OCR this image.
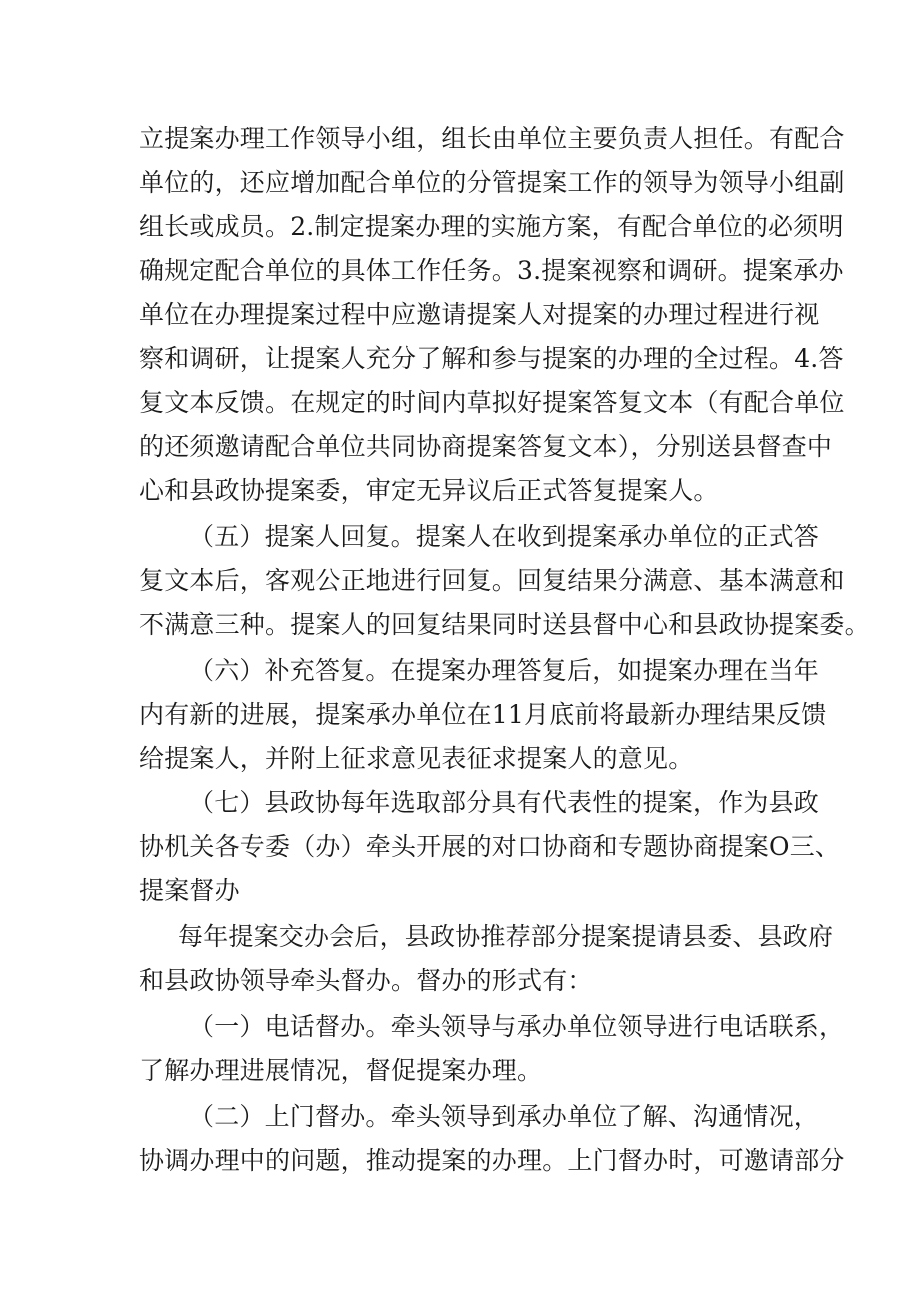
立提案办理工作领导小组，组长由单位主要负责人担任。有配合

单位的，还应增加配合单位的分管提案工作的领导为领导小组副

组长或成员。2.制定提案办理的实施方案，有配合单位的必须明

确规定配合单位的具体工作任务。3.提案视察和调研。提案承办

单位在办理提案过程中应邀请提案人对提案的办理过程进行视

察和调研，让提案人充分了解和参与提案的办理的全过程。4.答

复文本反馈。在规定的时间内草拟好提案答复文本（有配合单位

的还须邀请配合单位共同协商提案答复文本），分别送县督查中

心和县政协提案委，审定无异议后正式答复提案人。

（五）提案人回复。提案人在收到提案承办单位的正式答

复文本后，客观公正地进行回复。回复结果分满意、基本满意和

不满意三种。提案人的回复结果同时送县督中心和县政协提案委。

（六）补充答复。在提案办理答复后，如提案办理在当年

内有新的进展，提案承办单位在11月底前将最新办理结果反馈

给提案人，并附上征求意见表征求提案人的意见。

（七）县政协每年选取部分具有代表性的提案，作为县政

协机关各专委（办）牵头开展的对口协商和专题协商提案O三、

提案督办

每年提案交办会后，县政协推荐部分提案提请县委、县政府

和县政协领导牵头督办。督办的形式有：

（一）电话督办。牵头领导与承办单位领导进行电话联系，

了解办理进展情况，督促提案办理。

（二）上门督办。牵头领导到承办单位了解、沟通情况，

协调办理中的问题，推动提案的办理。上门督办时，可邀请部分
